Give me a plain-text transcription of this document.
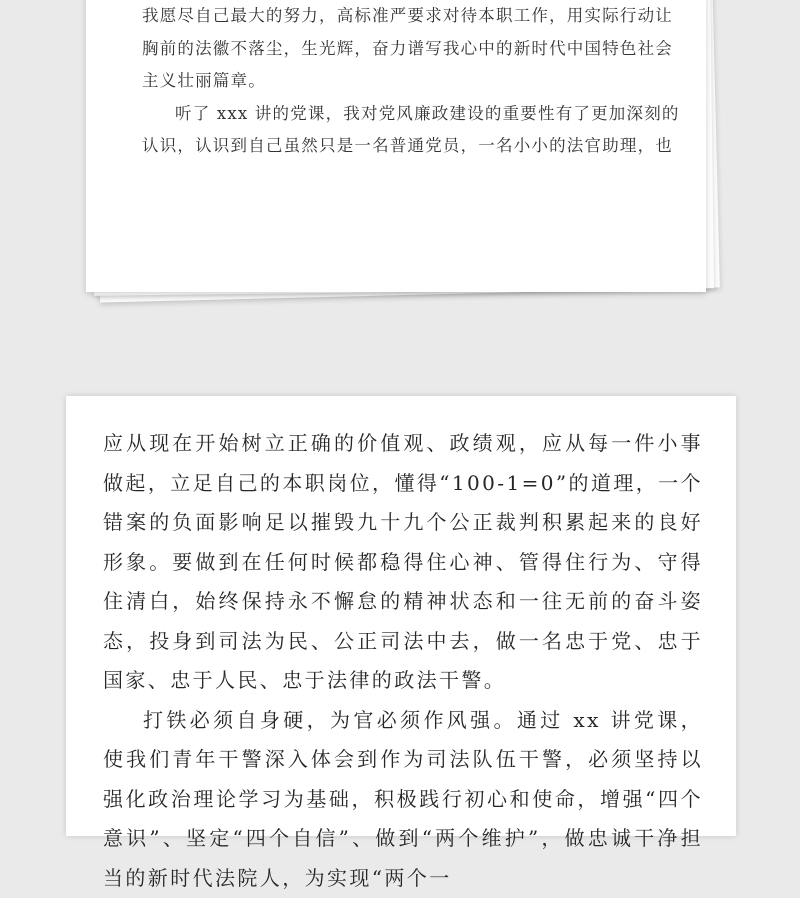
我愿尽自己最大的努力，高标准严要求对待本职工作，用实际行动让胸前的法徽不落尘，生光辉，奋力谱写我心中的新时代中国特色社会主义壮丽篇章。

听了 xxx 讲的党课，我对党风廉政建设的重要性有了更加深刻的认识，认识到自己虽然只是一名普通党员，一名小小的法官助理，也

应从现在开始树立正确的价值观、政绩观，应从每一件小事做起，立足自己的本职岗位，懂得“100-1=0”的道理，一个错案的负面影响足以摧毁九十九个公正裁判积累起来的良好形象。要做到在任何时候都稳得住心神、管得住行为、守得住清白，始终保持永不懈怠的精神状态和一往无前的奋斗姿态，投身到司法为民、公正司法中去，做一名忠于党、忠于国家、忠于人民、忠于法律的政法干警。

打铁必须自身硬，为官必须作风强。通过 xx 讲党课，使我们青年干警深入体会到作为司法队伍干警，必须坚持以强化政治理论学习为基础，积极践行初心和使命，增强“四个意识”、坚定“四个自信”、做到“两个维护”，做忠诚干净担当的新时代法院人，为实现“两个一
